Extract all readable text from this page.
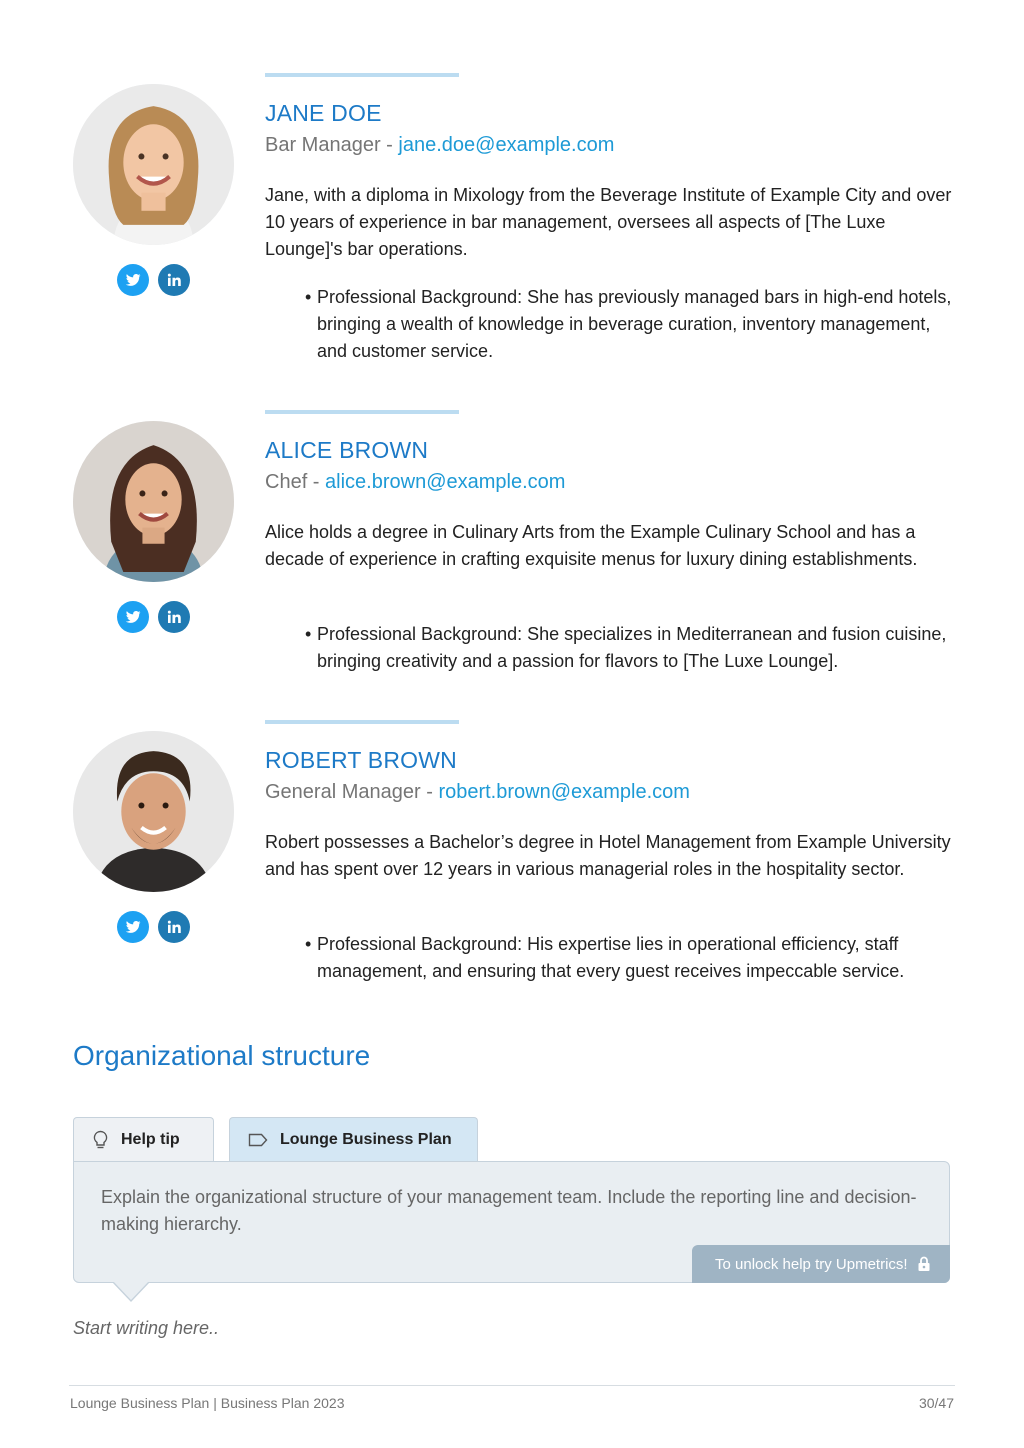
JANE DOE
Bar Manager - jane.doe@example.com
Jane, with a diploma in Mixology from the Beverage Institute of Example City and over 10 years of experience in bar management, oversees all aspects of [The Luxe Lounge]'s bar operations.
• Professional Background: She has previously managed bars in high-end hotels, bringing a wealth of knowledge in beverage curation, inventory management, and customer service.
ALICE BROWN
Chef - alice.brown@example.com
Alice holds a degree in Culinary Arts from the Example Culinary School and has a decade of experience in crafting exquisite menus for luxury dining establishments.
• Professional Background: She specializes in Mediterranean and fusion cuisine, bringing creativity and a passion for flavors to [The Luxe Lounge].
ROBERT BROWN
General Manager - robert.brown@example.com
Robert possesses a Bachelor’s degree in Hotel Management from Example University and has spent over 12 years in various managerial roles in the hospitality sector.
• Professional Background: His expertise lies in operational efficiency, staff management, and ensuring that every guest receives impeccable service.
Organizational structure
Help tip	Lounge Business Plan
Explain the organizational structure of your management team. Include the reporting line and decision-making hierarchy.
To unlock help try Upmetrics!
Start writing here..
Lounge Business Plan | Business Plan 2023	30/47
